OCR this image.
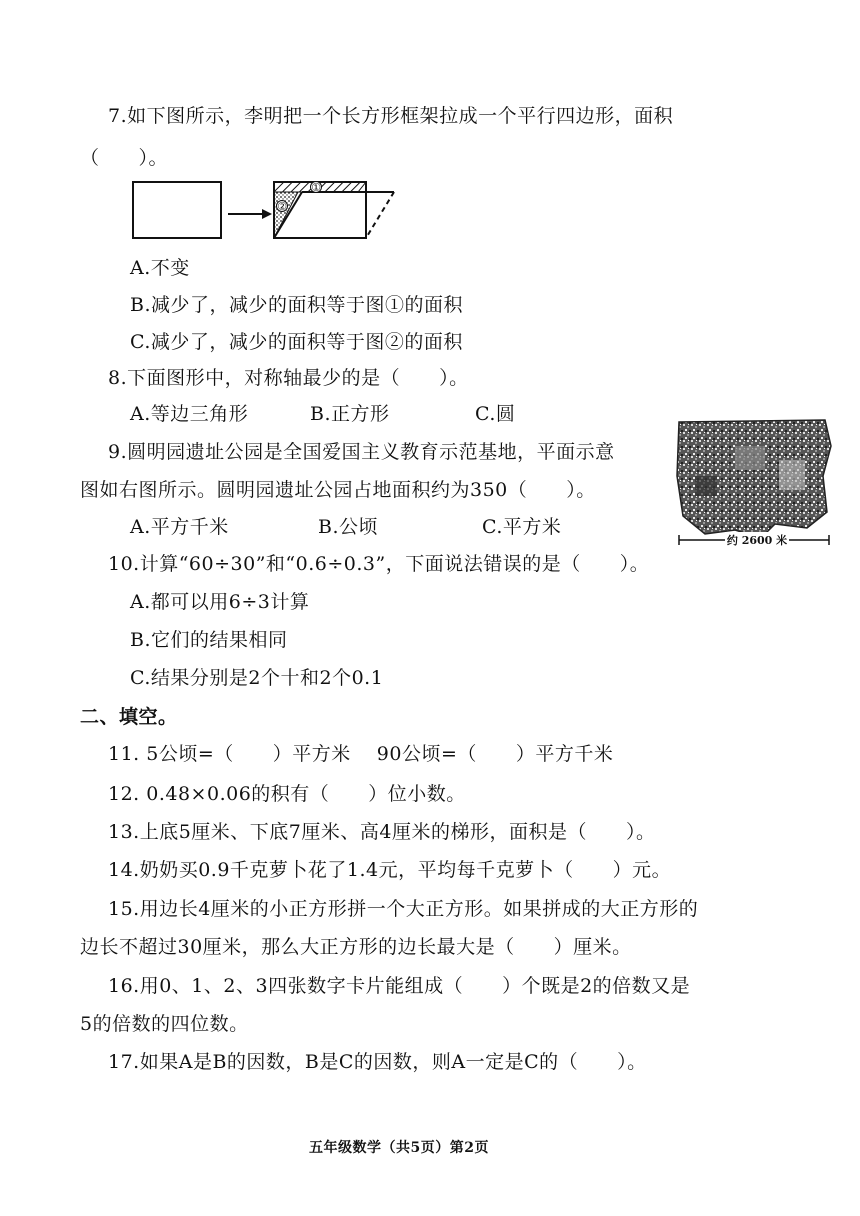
7.如下图所示，李明把一个长方形框架拉成一个平行四边形，面积
（　　）。
①
②
A.不变
B.减少了，减少的面积等于图①的面积
C.减少了，减少的面积等于图②的面积
8.下面图形中，对称轴最少的是（　　）。
A.等边三角形	B.正方形	C.圆
约 2600 米
9.圆明园遗址公园是全国爱国主义教育示范基地，平面示意
图如右图所示。圆明园遗址公园占地面积约为350（　　）。
A.平方千米	B.公顷	C.平方米
10.计算“60÷30”和“0.6÷0.3”，下面说法错误的是（　　）。
A.都可以用6÷3计算
B.它们的结果相同
C.结果分别是2个十和2个0.1
二、填空。
11. 5公顷=（　　）平方米　 90公顷=（　　）平方千米
12. 0.48×0.06的积有（　　）位小数。
13.上底5厘米、下底7厘米、高4厘米的梯形，面积是（　　）。
14.奶奶买0.9千克萝卜花了1.4元，平均每千克萝卜（　　）元。
15.用边长4厘米的小正方形拼一个大正方形。如果拼成的大正方形的
边长不超过30厘米，那么大正方形的边长最大是（　　）厘米。
16.用0、1、2、3四张数字卡片能组成（　　）个既是2的倍数又是
5的倍数的四位数。
17.如果A是B的因数，B是C的因数，则A一定是C的（　　）。
五年级数学（共5页）第2页
